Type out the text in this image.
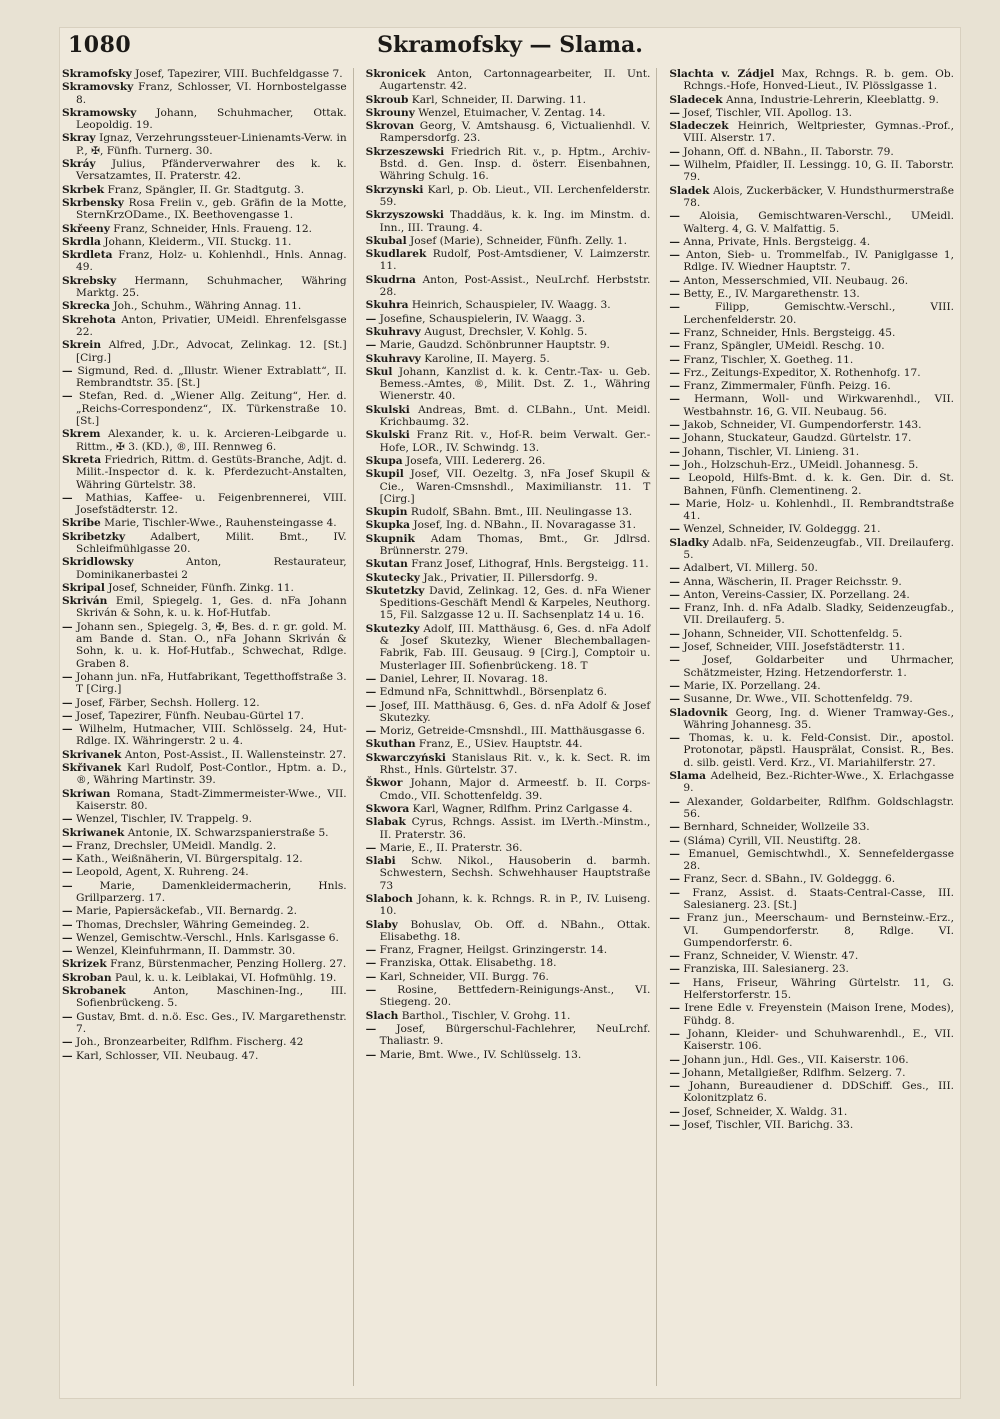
1080	Skramofsky — Slama.

Skramofsky Josef, Tapezirer, VIII. Buchfeldgasse 7.

Skramovsky Franz, Schlosser, VI. Hornbostelgasse 8.

Skramowsky Johann, Schuhmacher, Ottak. Leopoldig. 19.

Skray Ignaz, Verzehrungssteuer-Linienamts-Verw. in P., ✠, Fünfh. Turnerg. 30.

Skráy Julius, Pfänderverwahrer des k. k. Versatzamtes, II. Praterstr. 42.

Skrbek Franz, Spängler, II. Gr. Stadtgutg. 3.

Skrbensky Rosa Freiin v., geb. Gräfin de la Motte, SternKrzODame., IX. Beethovengasse 1.

Skřeeny Franz, Schneider, Hnls. Fraueng. 12.

Skrdla Johann, Kleiderm., VII. Stuckg. 11.

Skrdleta Franz, Holz- u. Kohlenhdl., Hnls. Annag. 49.

Skrebsky Hermann, Schuhmacher, Währing Marktg. 25.

Skrecka Joh., Schuhm., Währing Annag. 11.

Skrehota Anton, Privatier, UMeidl. Ehrenfelsgasse 22.

Skrein Alfred, J.Dr., Advocat, Zelinkag. 12. [St.] [Cirg.]

— Sigmund, Red. d. „Illustr. Wiener Extrablatt“, II. Rembrandtstr. 35. [St.]

— Stefan, Red. d. „Wiener Allg. Zeitung“, Her. d. „Reichs-Correspondenz“, IX. Türkenstraße 10. [St.]

Skrem Alexander, k. u. k. Arcieren-Leibgarde u. Rittm., ✠ 3. (KD.), ®, III. Rennweg 6.

Skreta Friedrich, Rittm. d. Gestüts-Branche, Adjt. d. Milit.-Inspector d. k. k. Pferdezucht-Anstalten, Währing Gürtelstr. 38.

— Mathias, Kaffee- u. Feigenbrennerei, VIII. Josefstädterstr. 12.

Skribe Marie, Tischler-Wwe., Rauhensteingasse 4.

Skribetzky Adalbert, Milit. Bmt., IV. Schleifmühlgasse 20.

Skridlowsky	Anton, Restaurateur, Dominikanerbastei 2

Skripal Josef, Schneider, Fünfh. Zinkg. 11.

Skriván Emil, Spiegelg. 1, Ges. d. nFa Johann Skriván & Sohn, k. u. k. Hof-Hutfab.

— Johann sen., Spiegelg. 3, ✠, Bes. d. r. gr. gold. M. am Bande d. Stan. O., nFa Johann Skriván & Sohn, k. u. k. Hof-Hutfab., Schwechat, Rdlge. Graben 8.

— Johann jun. nFa, Hutfabrikant, Tegetthoffstraße 3. T [Cirg.]

— Josef, Färber, Sechsh. Hollerg. 12.

— Josef, Tapezirer, Fünfh. Neubau-Gürtel 17.

— Wilhelm, Hutmacher, VIII. Schlösselg. 24, Hut-Rdlge. IX. Währingerstr. 2 u. 4.

Skrivanek Anton, Post-Assist., II. Wallensteinstr. 27.

Skřivanek Karl Rudolf, Post-Contlor., Hptm. a. D., ®, Währing Martinstr. 39.

Skriwan Romana, Stadt-Zimmermeister-Wwe., VII. Kaiserstr. 80.

— Wenzel, Tischler, IV. Trappelg. 9.

Skriwanek Antonie, IX. Schwarzspanierstraße 5.

— Franz, Drechsler, UMeidl. Mandlg. 2.

— Kath., Weißnäherin, VI. Bürgerspitalg. 12.

— Leopold, Agent, X. Ruhreng. 24.

—	Marie, Damenkleidermacherin, Hnls. Grillparzerg. 17.

— Marie, Papiersäckefab., VII. Bernardg. 2.

— Thomas, Drechsler, Währing Gemeindeg. 2.

— Wenzel, Gemischtw.-Verschl., Hnls. Karlsgasse 6.

— Wenzel, Kleinfuhrmann, II. Dammstr. 30.

Skrizek Franz, Bürstenmacher, Penzing Hollerg. 27.

Skroban Paul, k. u. k. Leiblakai, VI. Hofmühlg. 19.

Skrobanek	Anton, Maschinen-Ing., III. Sofienbrückeng. 5.

— Gustav, Bmt. d. n.ö. Esc. Ges., IV. Margarethenstr. 7.

— Joh., Bronzearbeiter, Rdlfhm. Fischerg. 42

— Karl, Schlosser, VII. Neubaug. 47.

Skronicek Anton, Cartonnagearbeiter, II. Unt. Augartenstr. 42.

Skroub Karl, Schneider, II. Darwing. 11.

Skrouny Wenzel, Etuimacher, V. Zentag. 14.

Skrovan Georg, V. Amtshausg. 6, Victualienhdl. V. Rampersdorfg. 23.

Skrzeszewski Friedrich Rit. v., p. Hptm., Archiv-Bstd. d. Gen. Insp. d. österr. Eisenbahnen, Währing Schulg. 16.

Skrzynski Karl, p. Ob. Lieut., VII. Lerchenfelderstr. 59.

Skrzyszowski Thaddäus, k. k. Ing. im Minstm. d. Inn., III. Traung. 4.

Skubal Josef (Marie), Schneider, Fünfh. Zelly. 1.

Skudlarek Rudolf, Post-Amtsdiener, V. Laimzerstr. 11.

Skudrna Anton, Post-Assist., NeuLrchf. Herbststr. 28.

Skuhra Heinrich, Schauspieler, IV. Waagg. 3.

— Josefine, Schauspielerin, IV. Waagg. 3.

Skuhravy August, Drechsler, V. Kohlg. 5.

— Marie, Gaudzd. Schönbrunner Hauptstr. 9.

Skuhravy Karoline, II. Mayerg. 5.

Skul Johann, Kanzlist d. k. k. Centr.-Tax- u. Geb. Bemess.-Amtes, ®, Milit. Dst. Z. 1., Währing Wienerstr. 40.

Skulski Andreas, Bmt. d. CLBahn., Unt. Meidl. Krichbaumg. 32.

Skulski Franz Rit. v., Hof-R. beim Verwalt. Ger.-Hofe, LOR., IV. Schwindg. 13.

Skupa Josefa, VIII. Ledererg. 26.

Skupil Josef, VII. Oezeltg. 3, nFa Josef Skupil & Cie., Waren-Cmsnshdl., Maximilianstr. 11. T [Cirg.]

Skupin Rudolf, SBahn. Bmt., III. Neulingasse 13.

Skupka Josef, Ing. d. NBahn., II. Novaragasse 31.

Skupnik Adam Thomas, Bmt., Gr. Jdlrsd. Brünnerstr. 279.

Skutan Franz Josef, Lithograf, Hnls. Bergsteigg. 11.

Skutecky Jak., Privatier, II. Pillersdorfg. 9.

Skutetzky David, Zelinkag. 12, Ges. d. nFa Wiener Speditions-Geschäft Mendl & Karpeles, Neuthorg. 15, Fil. Salzgasse 12 u. II. Sachsenplatz 14 u. 16.

Skutezky Adolf, III. Matthäusg. 6, Ges. d. nFa Adolf & Josef Skutezky, Wiener Blechemballagen-Fabrik, Fab. III. Geusaug. 9 [Cirg.], Comptoir u. Musterlager III. Sofienbrückeng. 18. T

— Daniel, Lehrer, II. Novarag. 18.

— Edmund nFa, Schnittwhdl., Börsenplatz 6.

— Josef, III. Matthäusg. 6, Ges. d. nFa Adolf & Josef Skutezky.

— Moriz, Getreide-Cmsnshdl., III. Matthäusgasse 6.

Skuthan Franz, E., USiev. Hauptstr. 44.

Skwarczyński Stanislaus Rit. v., k. k. Sect. R. im Rhst., Hnls. Gürtelstr. 37.

Škwor Johann, Major d. Armeestf. b. II. Corps-Cmdo., VII. Schottenfeldg. 39.

Skwora Karl, Wagner, Rdlfhm. Prinz Carlgasse 4.

Slabak Cyrus, Rchngs. Assist. im LVerth.-Minstm., II. Praterstr. 36.

— Marie, E., II. Praterstr. 36.

Slabi Schw. Nikol., Hausoberin d. barmh. Schwestern, Sechsh. Schwehhauser Hauptstraße 73

Slaboch Johann, k. k. Rchngs. R. in P., IV. Luiseng. 10.

Slaby Bohuslav, Ob. Off. d. NBahn., Ottak. Elisabethg. 18.

— Franz, Fragner, Heilgst. Grinzingerstr. 14.

— Franziska, Ottak. Elisabethg. 18.

— Karl, Schneider, VII. Burgg. 76.

— Rosine, Bettfedern-Reinigungs-Anst., VI. Stiegeng. 20.

Slach Barthol., Tischler, V. Grohg. 11.

— Josef, Bürgerschul-Fachlehrer, NeuLrchf. Thaliastr. 9.

— Marie, Bmt. Wwe., IV. Schlüsselg. 13.

Slachta v. Zádjel Max, Rchngs. R. b. gem. Ob. Rchngs.-Hofe, Honved-Lieut., IV. Plösslgasse 1.

Sladecek Anna, Industrie-Lehrerin, Kleeblattg. 9.

— Josef, Tischler, VII. Apollog. 13.

Sladeczek Heinrich, Weltpriester, Gymnas.-Prof., VIII. Alserstr. 17.

— Johann, Off. d. NBahn., II. Taborstr. 79.

— Wilhelm, Pfaidler, II. Lessingg. 10, G. II. Taborstr. 79.

Sladek Alois, Zuckerbäcker, V. Hundsthurmerstraße 78.

— Aloisia, Gemischtwaren-Verschl., UMeidl. Walterg. 4, G. V. Malfattig. 5.

— Anna, Private, Hnls. Bergsteigg. 4.

— Anton, Sieb- u. Trommelfab., IV. Paniglgasse 1, Rdlge. IV. Wiedner Hauptstr. 7.

— Anton, Messerschmied, VII. Neubaug. 26.

— Betty, E., IV. Margarethenstr. 13.

—	Filipp, Gemischtw.-Verschl., VIII. Lerchenfelderstr. 20.

— Franz, Schneider, Hnls. Bergsteigg. 45.

— Franz, Spängler, UMeidl. Reschg. 10.

— Franz, Tischler, X. Goetheg. 11.

— Frz., Zeitungs-Expeditor, X. Rothenhofg. 17.

— Franz, Zimmermaler, Fünfh. Peizg. 16.

— Hermann, Woll- und Wirkwarenhdl., VII. Westbahnstr. 16, G. VII. Neubaug. 56.

— Jakob, Schneider, VI. Gumpendorferstr. 143.

— Johann, Stuckateur, Gaudzd. Gürtelstr. 17.

— Johann, Tischler, VI. Linieng. 31.

— Joh., Holzschuh-Erz., UMeidl. Johannesg. 5.

— Leopold, Hilfs-Bmt. d. k. k. Gen. Dir. d. St. Bahnen, Fünfh. Clementineng. 2.

— Marie, Holz- u. Kohlenhdl., II. Rembrandtstraße 41.

— Wenzel, Schneider, IV. Goldeggg. 21.

Sladky Adalb. nFa, Seidenzeugfab., VII. Dreilauferg. 5.

— Adalbert, VI. Millerg. 50.

— Anna, Wäscherin, II. Prager Reichsstr. 9.

— Anton, Vereins-Cassier, IX. Porzellang. 24.

— Franz, Inh. d. nFa Adalb. Sladky, Seidenzeugfab., VII. Dreilauferg. 5.

— Johann, Schneider, VII. Schottenfeldg. 5.

— Josef, Schneider, VIII. Josefstädterstr. 11.

— Josef, Goldarbeiter und Uhrmacher, Schätzmeister, Hzing. Hetzendorferstr. 1.

— Marie, IX. Porzellang. 24.

— Susanne, Dr. Wwe., VII. Schottenfeldg. 79.

Sladovnik Georg, Ing. d. Wiener Tramway-Ges., Währing Johannesg. 35.

— Thomas, k. u. k. Feld-Consist. Dir., apostol. Protonotar, päpstl. Hausprälat, Consist. R., Bes. d. silb. geistl. Verd. Krz., VI. Mariahilferstr. 27.

Slama Adelheid, Bez.-Richter-Wwe., X. Erlachgasse 9.

— Alexander, Goldarbeiter, Rdlfhm. Goldschlagstr. 56.

— Bernhard, Schneider, Wollzeile 33.

— (Sláma) Cyrill, VII. Neustiftg. 28.

— Emanuel, Gemischtwhdl., X. Sennefeldergasse 28.

— Franz, Secr. d. SBahn., IV. Goldeggg. 6.

— Franz, Assist. d. Staats-Central-Casse, III. Salesianerg. 23. [St.]

— Franz jun., Meerschaum- und Bernsteinw.-Erz., VI. Gumpendorferstr. 8, Rdlge. VI. Gumpendorferstr. 6.

— Franz, Schneider, V. Wienstr. 47.

— Franziska, III. Salesianerg. 23.

— Hans, Friseur, Währing Gürtelstr. 11, G. Helferstorferstr. 15.

— Irene Edle v. Freyenstein (Maison Irene, Modes), Fühdg. 8.

— Johann, Kleider- und Schuhwarenhdl., E., VII. Kaiserstr. 106.

— Johann jun., Hdl. Ges., VII. Kaiserstr. 106.

— Johann, Metallgießer, Rdlfhm. Selzerg. 7.

— Johann, Bureaudiener d. DDSchiff. Ges., III. Kolonitzplatz 6.

— Josef, Schneider, X. Waldg. 31.

— Josef, Tischler, VII. Barichg. 33.
